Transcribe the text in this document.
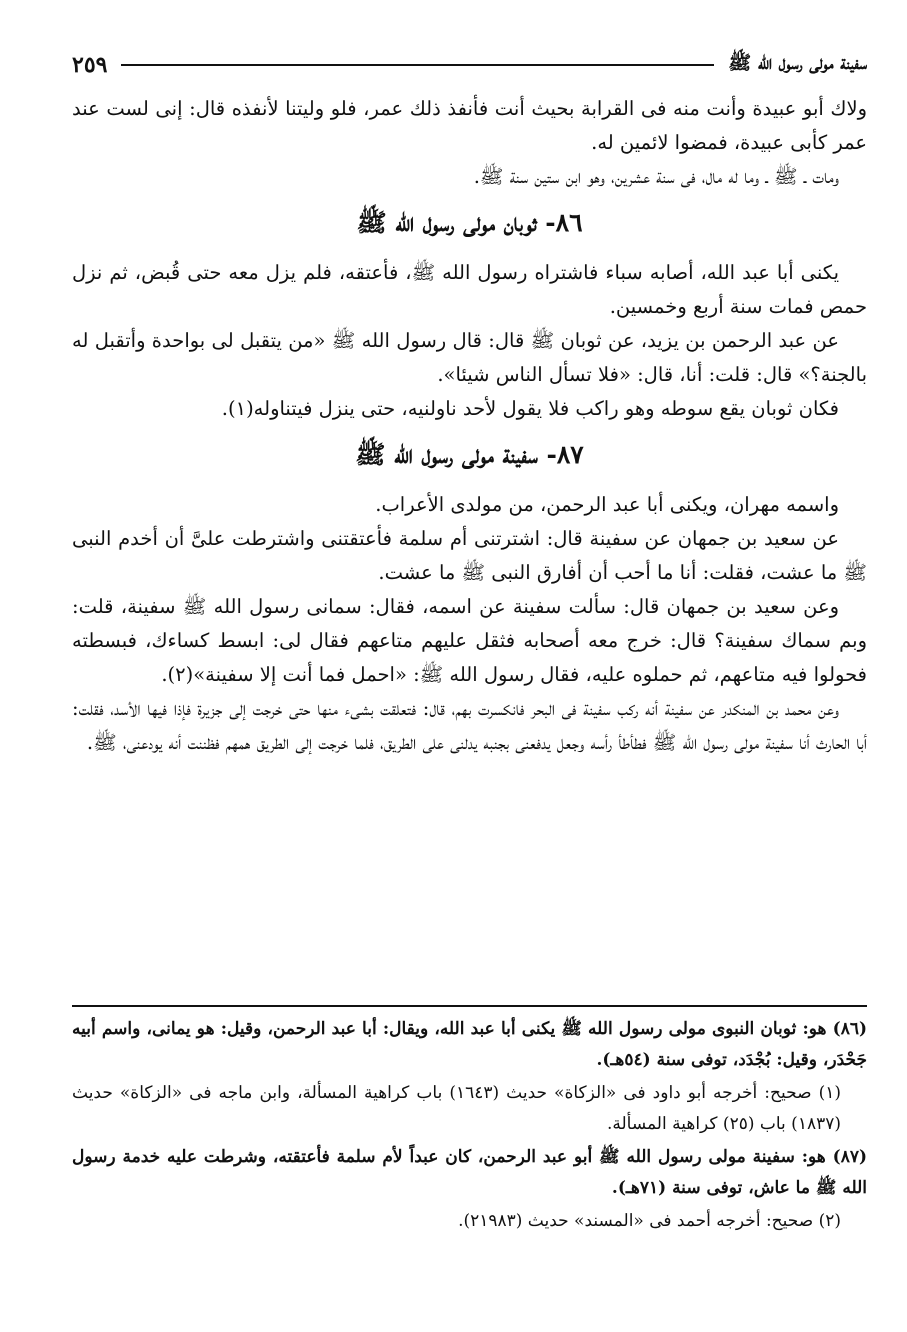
سفينة مولى رسول الله ﷺ
٢٥٩

ولاك أبو عبيدة وأنت منه فى القرابة بحيث أنت فأنفذ ذلك عمر، فلو وليتنا لأنفذه قال: إنى لست عند عمر كأبى عبيدة، فمضوا لائمين له.

ومات ـ ﷺ ـ وما له مال، فى سنة عشرين، وهو ابن ستين سنة ﷺ.

٨٦- ثوبان مولى رسول الله ﷺ

يكنى أبا عبد الله، أصابه سباء فاشتراه رسول الله ﷺ، فأعتقه، فلم يزل معه حتى قُبض، ثم نزل حمص فمات سنة أربع وخمسين.

عن عبد الرحمن بن يزيد، عن ثوبان ﷺ قال: قال رسول الله ﷺ «من يتقبل لى بواحدة وأتقبل له بالجنة؟» قال: قلت: أنا، قال: «فلا تسأل الناس شيئا».

فكان ثوبان يقع سوطه وهو راكب فلا يقول لأحد ناولنيه، حتى ينزل فيتناوله(١).

٨٧- سفينة مولى رسول الله ﷺ

واسمه مهران، ويكنى أبا عبد الرحمن، من مولدى الأعراب.

عن سعيد بن جمهان عن سفينة قال: اشترتنى أم سلمة فأعتقتنى واشترطت علىَّ أن أخدم النبى ﷺ ما عشت، فقلت: أنا ما أحب أن أفارق النبى ﷺ ما عشت.

وعن سعيد بن جمهان قال: سألت سفينة عن اسمه، فقال: سمانى رسول الله ﷺ سفينة، قلت: وبم سماك سفينة؟ قال: خرج معه أصحابه فثقل عليهم متاعهم فقال لى: ابسط كساءك، فبسطته فحولوا فيه متاعهم، ثم حملوه عليه، فقال رسول الله ﷺ: «احمل فما أنت إلا سفينة»(٢).

وعن محمد بن المنكدر عن سفينة أنه ركب سفينة فى البحر فانكسرت بهم، قال: فتعلقت بشىء منها حتى خرجت إلى جزيرة فإذا فيها الأسد، فقلت: أبا الحارث أنا سفينة مولى رسول الله ﷺ فطأطأ رأسه وجعل يدفعنى بجنبه يدلنى على الطريق، فلما خرجت إلى الطريق همهم فظننت أنه يودعنى، ﷺ.

(٨٦) هو: ثوبان النبوى مولى رسول الله ﷺ يكنى أبا عبد الله، ويقال: أبا عبد الرحمن، وقيل: هو يمانى، واسم أبيه جَحْدَر، وقيل: بُجْدَد، توفى سنة (٥٤هـ).

(١) صحيح: أخرجه أبو داود فى «الزكاة» حديث (١٦٤٣) باب كراهية المسألة، وابن ماجه فى «الزكاة» حديث (١٨٣٧) باب (٢٥) كراهية المسألة.

(٨٧) هو: سفينة مولى رسول الله ﷺ أبو عبد الرحمن، كان عبداً لأم سلمة فأعتقته، وشرطت عليه خدمة رسول الله ﷺ ما عاش، توفى سنة (٧١هـ).

(٢) صحيح: أخرجه أحمد فى «المسند» حديث (٢١٩٨٣).
